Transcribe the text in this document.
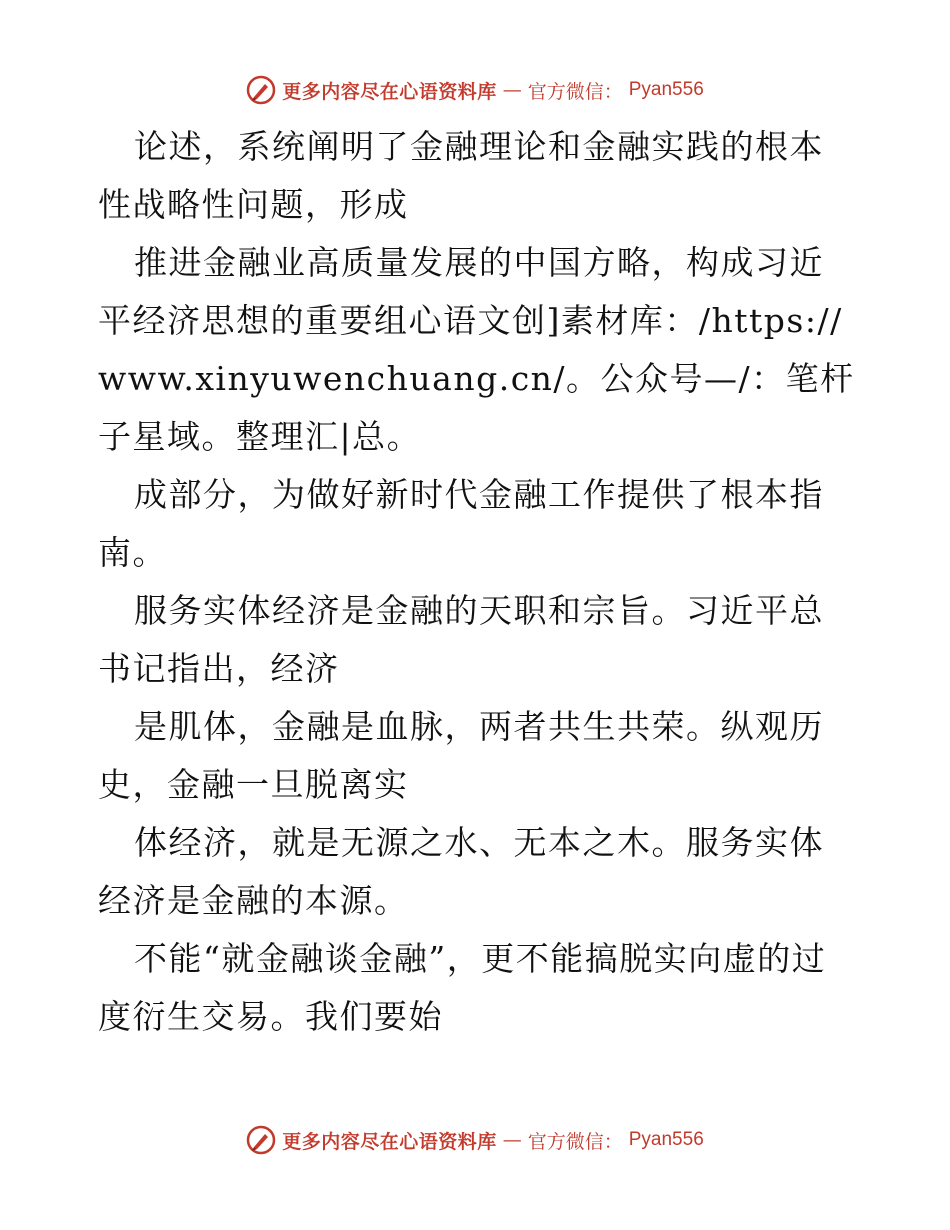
更多内容尽在心语资料库 — 官方微信： Pyan556

论述，系统阐明了金融理论和金融实践的根本性战略性问题，形成

推进金融业高质量发展的中国方略，构成习近平经济思想的重要组心语文创]素材库：/https://www.xinyuwenchuang.cn/。公众号—/：笔杆子星域。整理汇|总。

成部分，为做好新时代金融工作提供了根本指南。

服务实体经济是金融的天职和宗旨。习近平总书记指出，经济

是肌体，金融是血脉，两者共生共荣。纵观历史，金融一旦脱离实

体经济，就是无源之水、无本之木。服务实体经济是金融的本源。

不能“就金融谈金融”，更不能搞脱实向虚的过度衍生交易。我们要始

更多内容尽在心语资料库 — 官方微信： Pyan556
